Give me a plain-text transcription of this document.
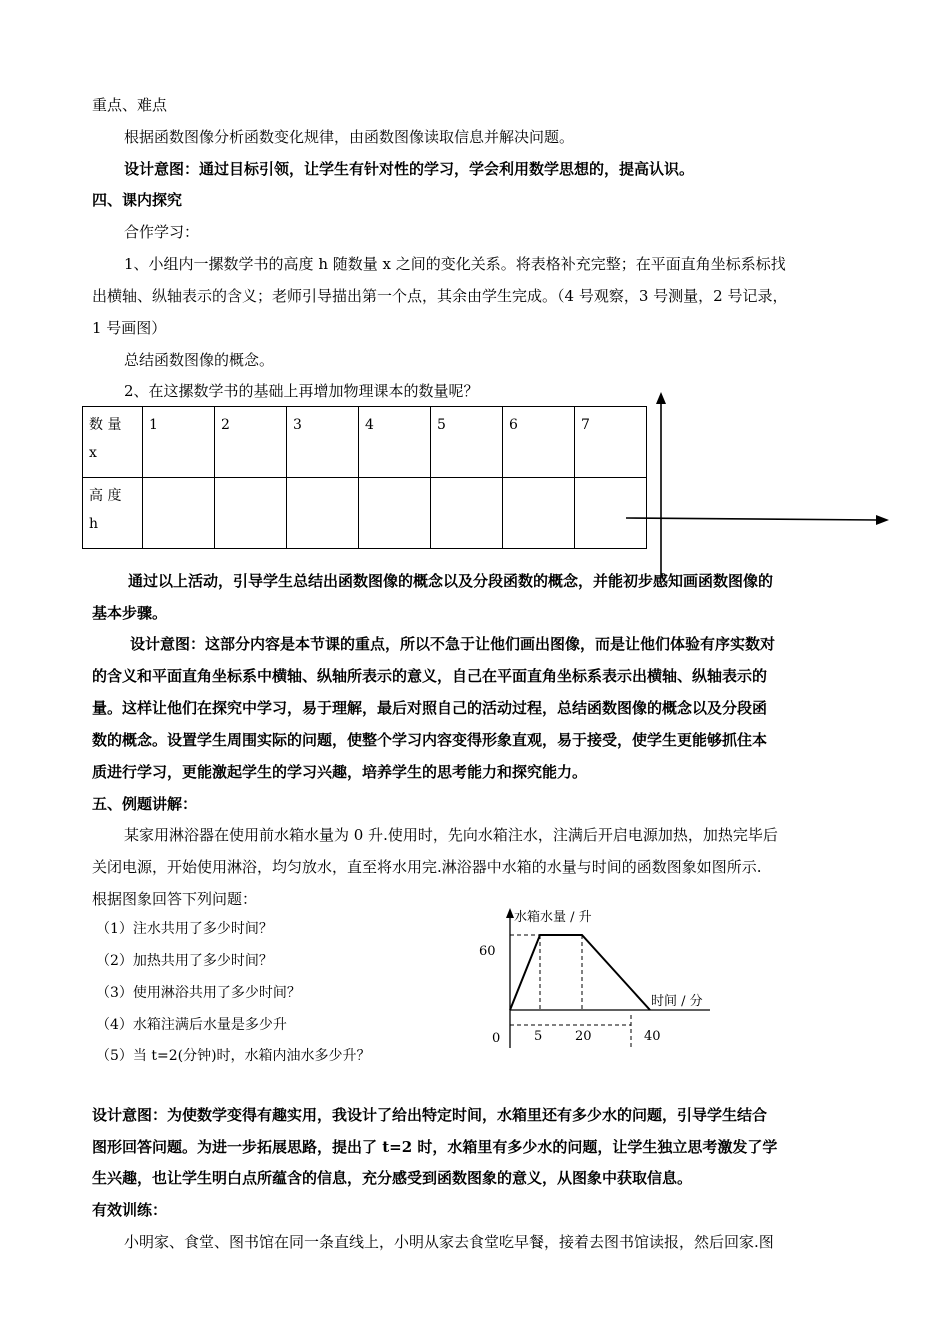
重点、难点
根据函数图像分析函数变化规律，由函数图像读取信息并解决问题。
设计意图：通过目标引领，让学生有针对性的学习，学会利用数学思想的，提高认识。
四、课内探究
合作学习：
1、小组内一摞数学书的高度 h 随数量 x 之间的变化关系。将表格补充完整；在平面直角坐标系标找
出横轴、纵轴表示的含义；老师引导描出第一个点，其余由学生完成。（4 号观察，3 号测量，2 号记录，
1 号画图）
总结函数图像的概念。
2、在这摞数学书的基础上再增加物理课本的数量呢？
数 量
x	1	2	3	4	5	6	7

高 度
h							

通过以上活动，引导学生总结出函数图像的概念以及分段函数的概念，并能初步感知画函数图像的
基本步骤。
设计意图：这部分内容是本节课的重点，所以不急于让他们画出图像，而是让他们体验有序实数对
的含义和平面直角坐标系中横轴、纵轴所表示的意义，自己在平面直角坐标系表示出横轴、纵轴表示的
量。这样让他们在探究中学习，易于理解，最后对照自己的活动过程，总结函数图像的概念以及分段函
数的概念。设置学生周围实际的问题，使整个学习内容变得形象直观，易于接受，使学生更能够抓住本
质进行学习，更能激起学生的学习兴趣，培养学生的思考能力和探究能力。
五、例题讲解：
某家用淋浴器在使用前水箱水量为 0 升.使用时，先向水箱注水，注满后开启电源加热，加热完毕后
关闭电源，开始使用淋浴，均匀放水，直至将水用完.淋浴器中水箱的水量与时间的函数图象如图所示.
根据图象回答下列问题：
（1）注水共用了多少时间？
（2）加热共用了多少时间？
（3）使用淋浴共用了多少时间？
（4）水箱注满后水量是多少升
（5）当 t=2(分钟)时，水箱内油水多少升？
水箱水量 / 升
时间 / 分
0
60
5	20	40
设计意图：为使数学变得有趣实用，我设计了给出特定时间，水箱里还有多少水的问题，引导学生结合
图形回答问题。为进一步拓展思路，提出了 t=2 时，水箱里有多少水的问题，让学生独立思考激发了学
生兴趣，也让学生明白点所蕴含的信息，充分感受到函数图象的意义，从图象中获取信息。
有效训练：
小明家、食堂、图书馆在同一条直线上，小明从家去食堂吃早餐，接着去图书馆读报，然后回家.图
